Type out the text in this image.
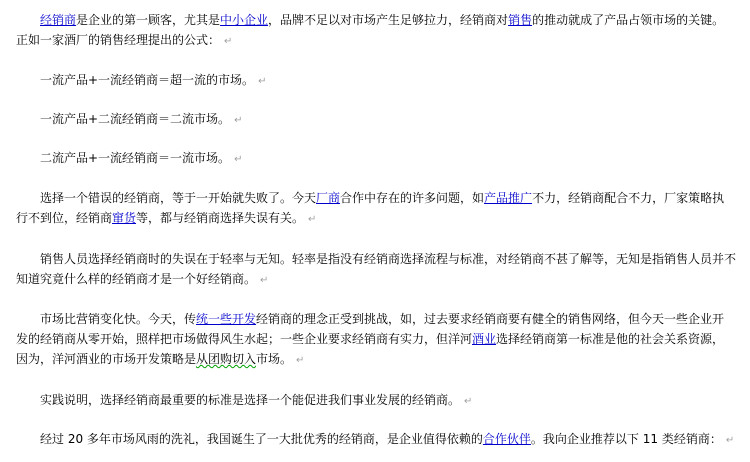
经销商是企业的第一顾客，尤其是中小企业，品牌不足以对市场产生足够拉力，经销商对销售的推动就成了产品占领市场的关键。正如一家酒厂的销售经理提出的公式： ↵

一流产品+一流经销商＝超一流的市场。 ↵

一流产品+二流经销商＝二流市场。 ↵

二流产品+一流经销商＝一流市场。 ↵

选择一个错误的经销商，等于一开始就失败了。今天厂商合作中存在的许多问题，如产品推广不力，经销商配合不力，厂家策略执行不到位，经销商窜货等，都与经销商选择失误有关。 ↵

销售人员选择经销商时的失误在于轻率与无知。轻率是指没有经销商选择流程与标准，对经销商不甚了解等，无知是指销售人员并不知道究竟什么样的经销商才是一个好经销商。 ↵

市场比营销变化快。今天，传统一些开发经销商的理念正受到挑战，如，过去要求经销商要有健全的销售网络，但今天一些企业开发的经销商从零开始，照样把市场做得风生水起；一些企业要求经销商有实力，但洋河酒业选择经销商第一标准是他的社会关系资源，因为，洋河酒业的市场开发策略是从团购切入市场。 ↵

实践说明，选择经销商最重要的标准是选择一个能促进我们事业发展的经销商。 ↵

经过 20 多年市场风雨的洗礼，我国诞生了一大批优秀的经销商，是企业值得依赖的合作伙伴。我向企业推荐以下 11 类经销商： ↵
